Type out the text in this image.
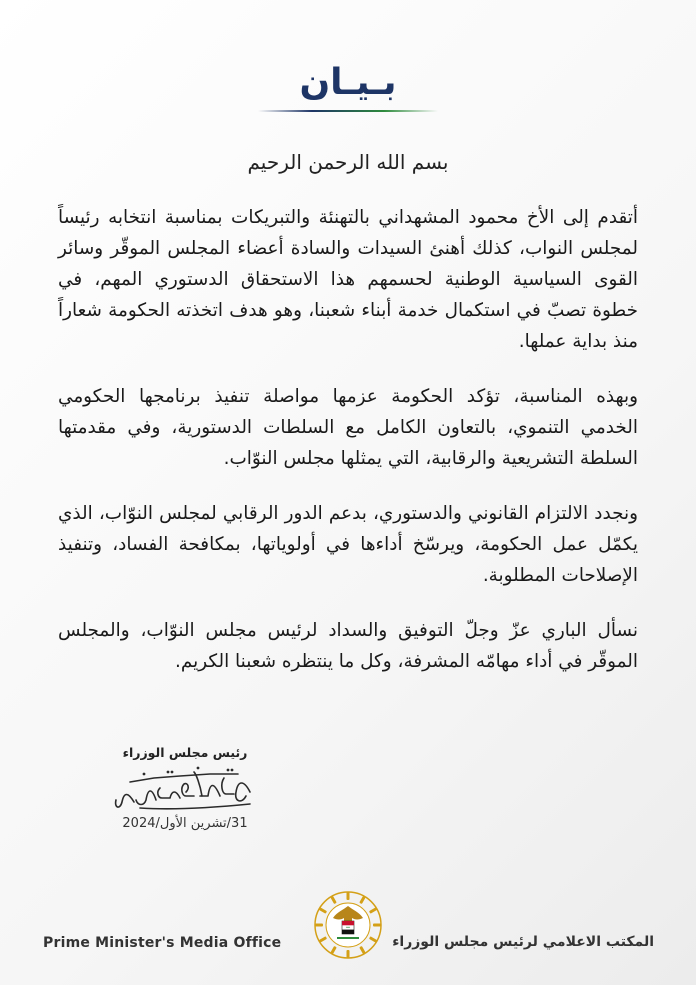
بـيـان
بسم الله الرحمن الرحيم

أتقدم إلى الأخ محمود المشهداني بالتهنئة والتبريكات بمناسبة انتخابه رئيساً لمجلس النواب، كذلك أهنئ السيدات والسادة أعضاء المجلس الموقّر وسائر القوى السياسية الوطنية لحسمهم هذا الاستحقاق الدستوري المهم، في خطوة تصبّ في استكمال خدمة أبناء شعبنا، وهو هدف اتخذته الحكومة شعاراً منذ بداية عملها.

وبهذه المناسبة، تؤكد الحكومة عزمها مواصلة تنفيذ برنامجها الحكومي الخدمي التنموي، بالتعاون الكامل مع السلطات الدستورية، وفي مقدمتها السلطة التشريعية والرقابية، التي يمثلها مجلس النوّاب.

ونجدد الالتزام القانوني والدستوري، بدعم الدور الرقابي لمجلس النوّاب، الذي يكمّل عمل الحكومة، ويرسّخ أداءها في أولوياتها، بمكافحة الفساد، وتنفيذ الإصلاحات المطلوبة.

نسأل الباري عزّ وجلّ التوفيق والسداد لرئيس مجلس النوّاب، والمجلس الموقّر في أداء مهامّه المشرفة، وكل ما ينتظره شعبنا الكريم.

رئيس مجلس الوزراء
31/تشرين الأول/2024
Prime Minister's Media Office	المكتب الاعلامي لرئيس مجلس الوزراء
